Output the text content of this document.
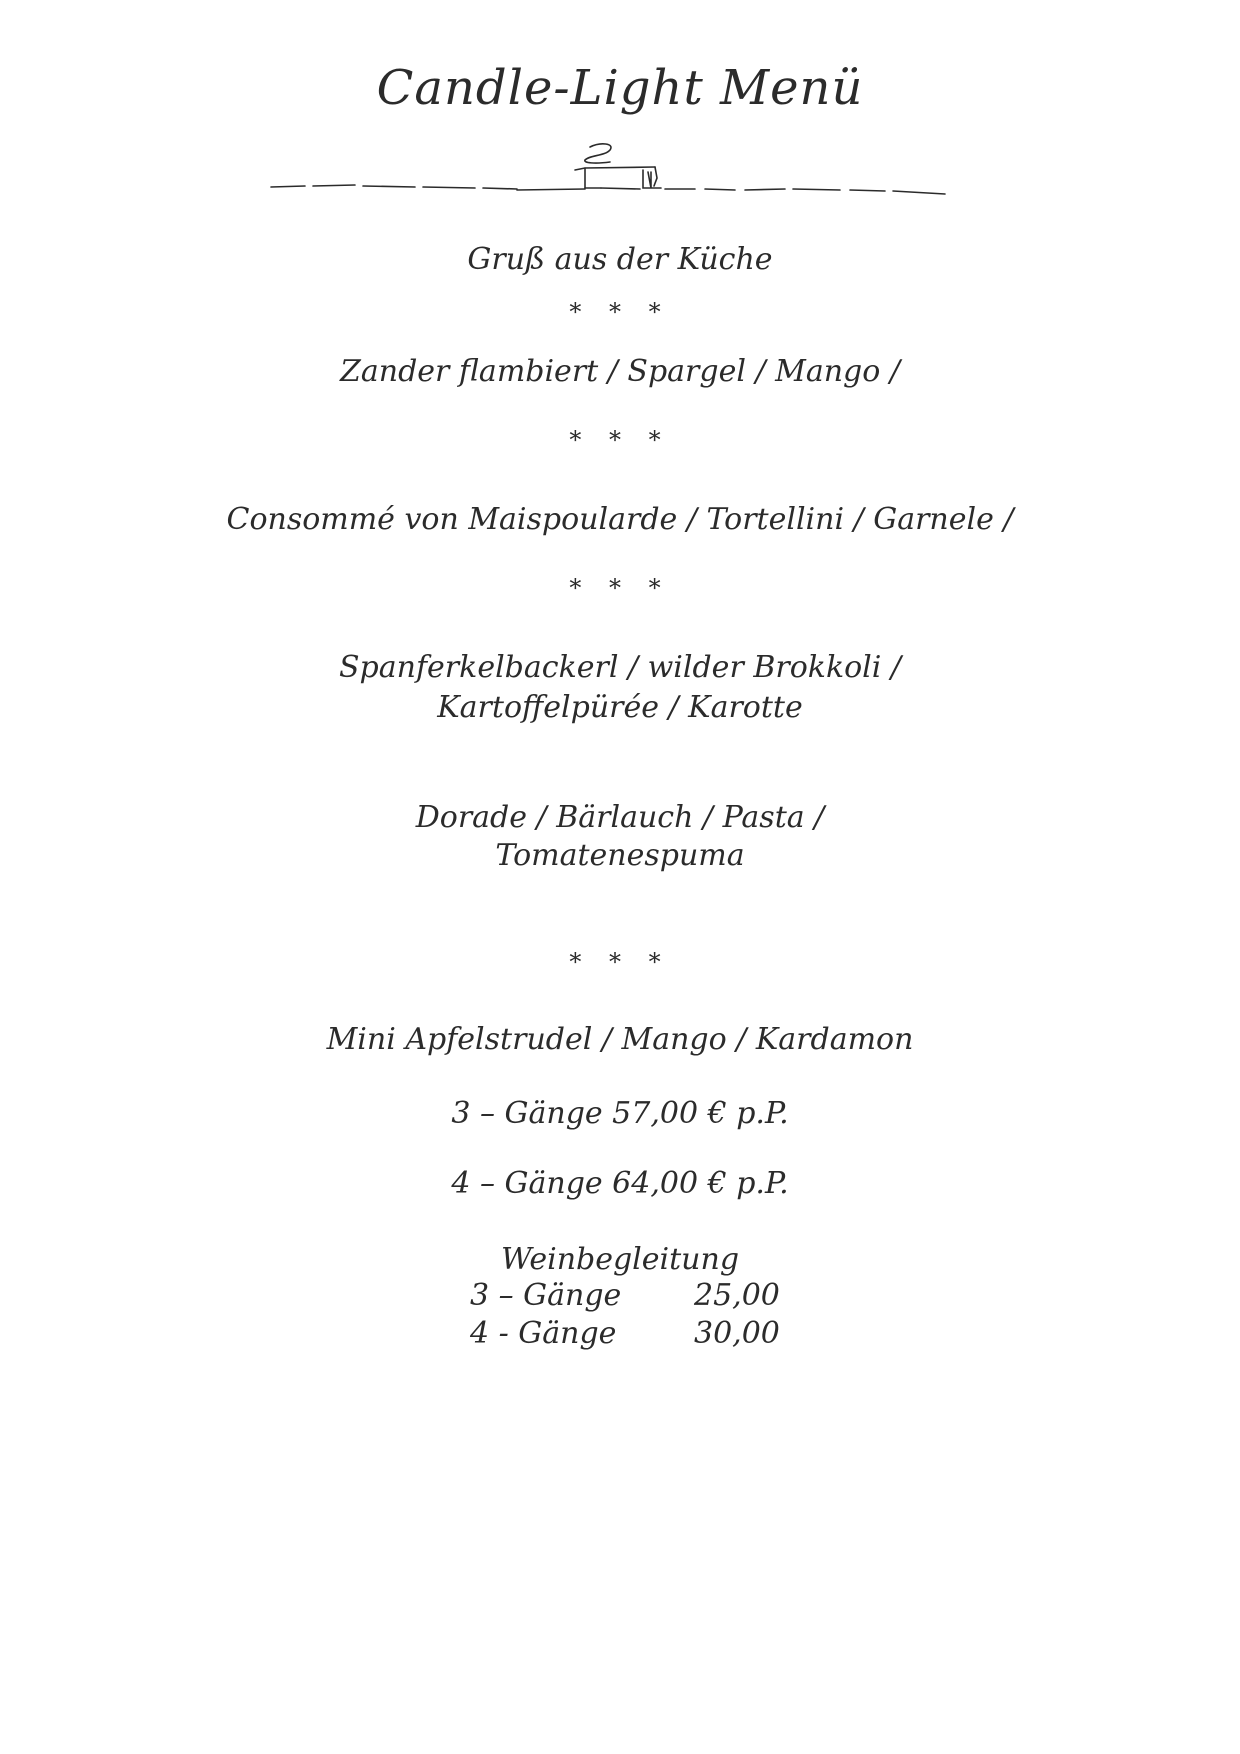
Candle-Light Menü
Gruß aus der Küche
* * *
Zander flambiert / Spargel / Mango /
* * *
Consommé von Maispoularde / Tortellini / Garnele /
* * *
Spanferkelbackerl / wilder Brokkoli /
Kartoffelpürée / Karotte
Dorade / Bärlauch / Pasta /
Tomatenespuma
* * *
Mini Apfelstrudel / Mango / Kardamon
3 – Gänge 57,00 € p.P.
4 – Gänge 64,00 € p.P.
Weinbegleitung
3 – Gänge 25,00
4 - Gänge	30,00
